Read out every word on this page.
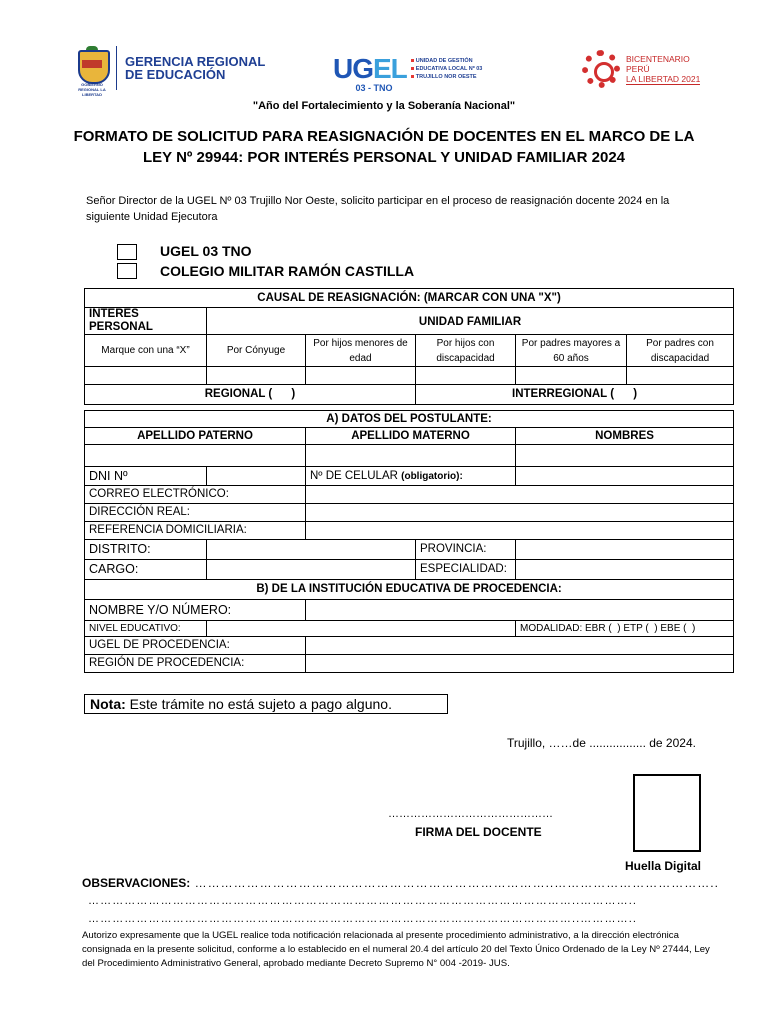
GOBIERNO REGIONAL LA LIBERTAD
GERENCIA REGIONAL
DE EDUCACIÓN	UGEL
03 - TNO
UNIDAD DE GESTIÓN
EDUCATIVA LOCAL Nº 03
TRUJILLO NOR OESTE
BICENTENARIO
PERÚ
LA LIBERTAD 2021
"Año del Fortalecimiento y la Soberanía Nacional"
FORMATO DE SOLICITUD PARA REASIGNACIÓN DE DOCENTES EN EL MARCO DE LA
LEY Nº 29944: POR INTERÉS PERSONAL Y UNIDAD FAMILIAR 2024
Señor Director de la UGEL Nº 03 Trujillo Nor Oeste, solicito participar en el proceso de reasignación docente 2024 en la siguiente Unidad Ejecutora
UGEL 03 TNO
COLEGIO MILITAR RAMÓN CASTILLA
CAUSAL DE REASIGNACIÓN: (MARCAR CON UNA "X")					
INTERÉS PERSONAL	UNIDAD FAMILIAR				
Marque con una “X”	Por Cónyuge	Por hijos menores de edad	Por hijos con discapacidad	Por padres mayores a 60 años	Por padres con discapacidad

REGIONAL (      )			INTERREGIONAL (      )		
A) DATOS DEL POSTULANTE:				
APELLIDO PATERNO		APELLIDO MATERNO		NOMBRES

DNI Nº		Nº DE CELULAR (obligatorio):		
CORREO ELECTRÓNICO:				
DIRECCIÓN REAL:				
REFERENCIA DOMICILIARIA:				
DISTRITO:			PROVINCIA:	
CARGO:			ESPECIALIDAD:	
B) DE LA INSTITUCIÓN EDUCATIVA DE PROCEDENCIA:				
NOMBRE Y/O NÚMERO:				
NIVEL EDUCATIVO:				MODALIDAD: EBR (  ) ETP (  ) EBE (  )
UGEL DE PROCEDENCIA:				
REGIÓN DE PROCEDENCIA:				
Nota: Este trámite no está sujeto a pago alguno.
Trujillo, ……de ................. de 2024.
Huella Digital
………………………………………
FIRMA DEL DOCENTE
OBSERVACIONES: ………………………………………………………………………..………………………………..
…………………………………………………………………………………………………………..…………..
…………………………………………………………………………………………………………..…………..
Autorizo expresamente que la UGEL realice toda notificación relacionada al presente procedimiento administrativo, a la dirección electrónica consignada en la presente solicitud, conforme a lo establecido en el numeral 20.4 del artículo 20 del Texto Único Ordenado de la Ley Nº 27444, Ley del Procedimiento Administrativo General, aprobado mediante Decreto Supremo N° 004 -2019- JUS.
